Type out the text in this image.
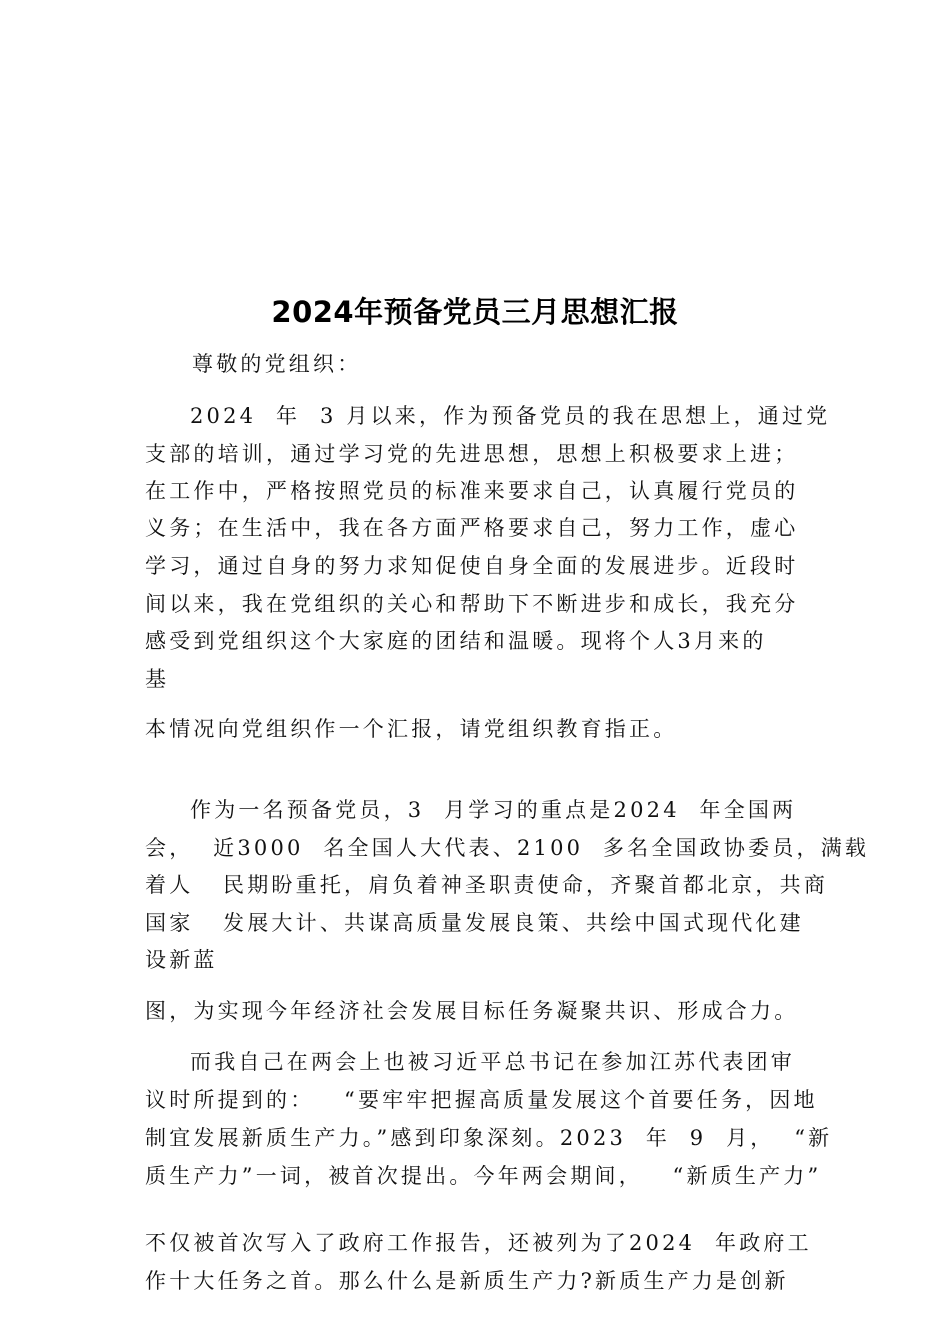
2024年预备党员三月思想汇报
尊敬的党组织：
2024  年  3 月以来，作为预备党员的我在思想上，通过党
支部的培训，通过学习党的先进思想，思想上积极要求上进；
在工作中，严格按照党员的标准来要求自己，认真履行党员的
义务；在生活中，我在各方面严格要求自己，努力工作，虚心
学习，通过自身的努力求知促使自身全面的发展进步。近段时
间以来，我在党组织的关心和帮助下不断进步和成长，我充分
感受到党组织这个大家庭的团结和温暖。现将个人3月来的
基
本情况向党组织作一个汇报，请党组织教育指正。
作为一名预备党员，3  月学习的重点是2024  年全国两
会，  近3000  名全国人大代表、2100  多名全国政协委员，满载
着人   民期盼重托，肩负着神圣职责使命，齐聚首都北京，共商
国家   发展大计、共谋高质量发展良策、共绘中国式现代化建
设新蓝
图，为实现今年经济社会发展目标任务凝聚共识、形成合力。
而我自己在两会上也被习近平总书记在参加江苏代表团审
议时所提到的：   “要牢牢把握高质量发展这个首要任务，因地
制宜发展新质生产力。”感到印象深刻。2023  年  9  月，  “新
质生产力”一词，被首次提出。今年两会期间，   “新质生产力”
不仅被首次写入了政府工作报告，还被列为了2024  年政府工
作十大任务之首。那么什么是新质生产力?新质生产力是创新
